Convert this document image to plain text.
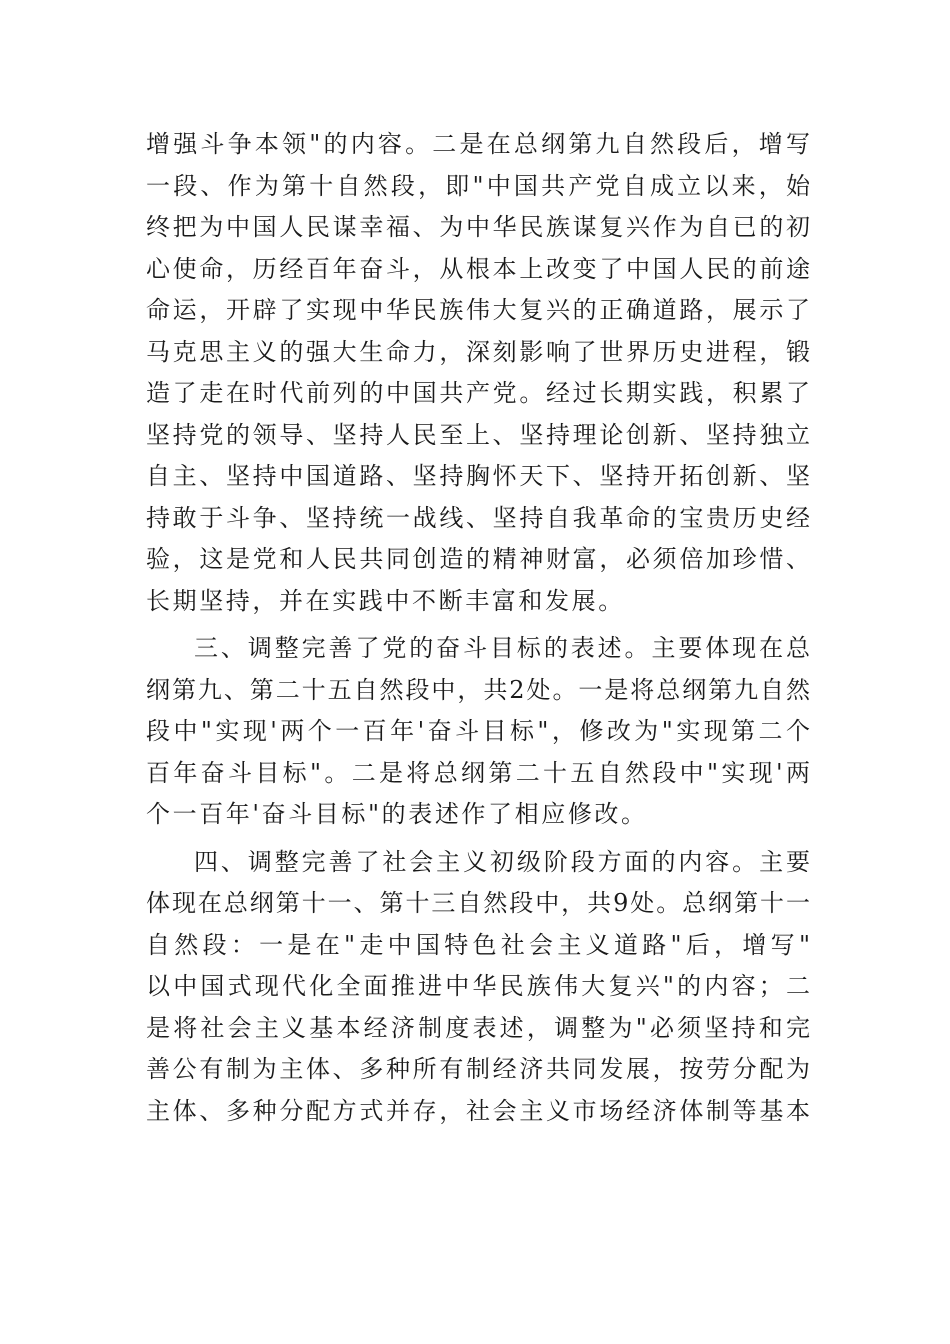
增强斗争本领"的内容。二是在总纲第九自然段后，增写
一段、作为第十自然段，即"中国共产党自成立以来，始
终把为中国人民谋幸福、为中华民族谋复兴作为自已的初
心使命，历经百年奋斗，从根本上改变了中国人民的前途
命运，开辟了实现中华民族伟大复兴的正确道路，展示了
马克思主义的强大生命力，深刻影响了世界历史进程，锻
造了走在时代前列的中国共产党。经过长期实践，积累了
坚持党的领导、坚持人民至上、坚持理论创新、坚持独立
自主、坚持中国道路、坚持胸怀天下、坚持开拓创新、坚
持敢于斗争、坚持统一战线、坚持自我革命的宝贵历史经
验，这是党和人民共同创造的精神财富，必须倍加珍惜、
长期坚持，并在实践中不断丰富和发展。
三、调整完善了党的奋斗目标的表述。主要体现在总
纲第九、第二十五自然段中，共2处。一是将总纲第九自然
段中"实现'两个一百年'奋斗目标"，修改为"实现第二个
百年奋斗目标"。二是将总纲第二十五自然段中"实现'两
个一百年'奋斗目标"的表述作了相应修改。
四、调整完善了社会主义初级阶段方面的内容。主要
体现在总纲第十一、第十三自然段中，共9处。总纲第十一
自然段：一是在"走中国特色社会主义道路"后，增写"
以中国式现代化全面推进中华民族伟大复兴"的内容；二
是将社会主义基本经济制度表述，调整为"必须坚持和完
善公有制为主体、多种所有制经济共同发展，按劳分配为
主体、多种分配方式并存，社会主义市场经济体制等基本
